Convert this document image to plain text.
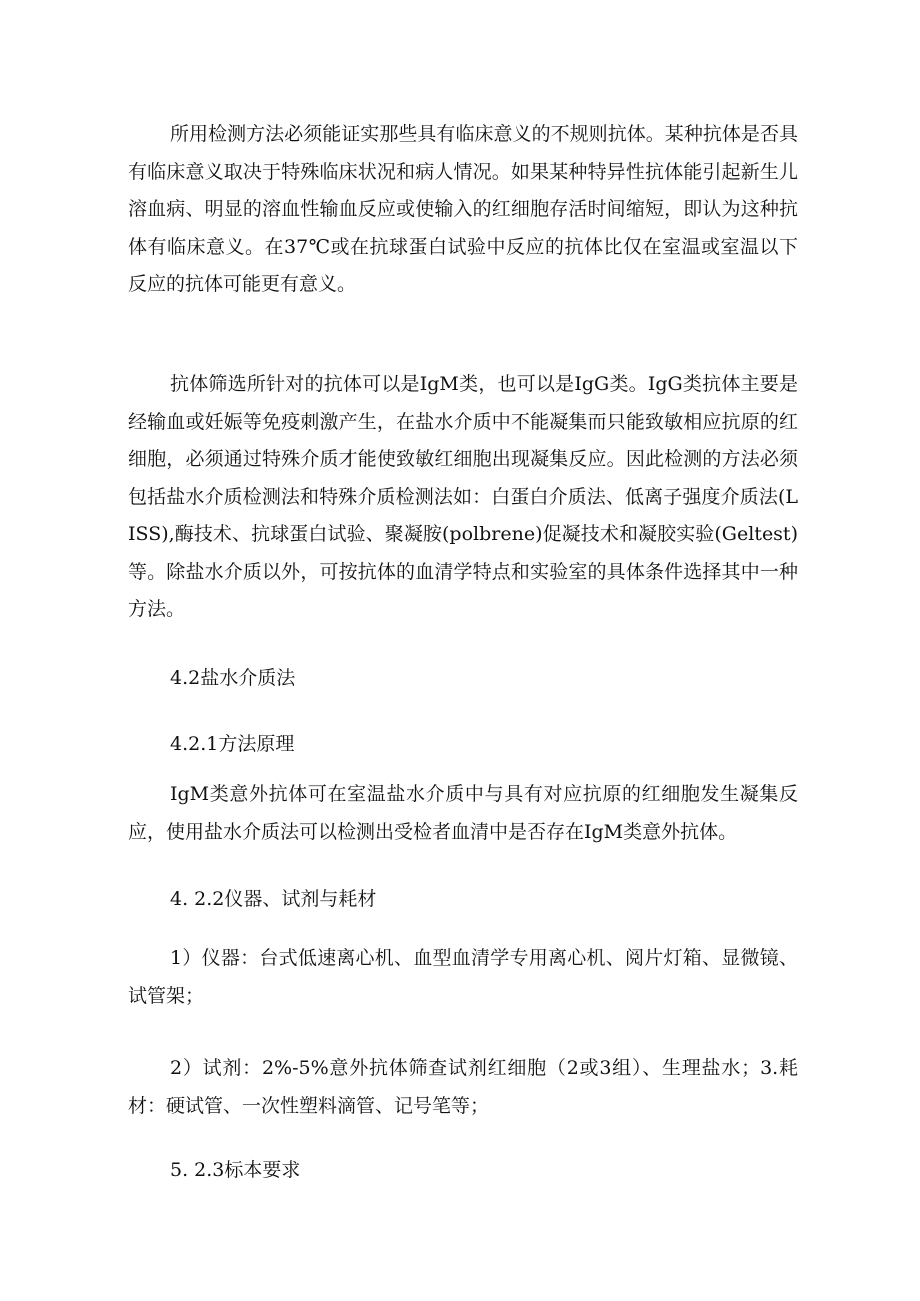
所用检测方法必须能证实那些具有临床意义的不规则抗体。某种抗体是否具有临床意义取决于特殊临床状况和病人情况。如果某种特异性抗体能引起新生儿溶血病、明显的溶血性输血反应或使输入的红细胞存活时间缩短，即认为这种抗体有临床意义。在37℃或在抗球蛋白试验中反应的抗体比仅在室温或室温以下反应的抗体可能更有意义。

抗体筛选所针对的抗体可以是IgM类，也可以是IgG类。IgG类抗体主要是经输血或妊娠等免疫刺激产生，在盐水介质中不能凝集而只能致敏相应抗原的红细胞，必须通过特殊介质才能使致敏红细胞出现凝集反应。因此检测的方法必须包括盐水介质检测法和特殊介质检测法如：白蛋白介质法、低离子强度介质法(LISS),酶技术、抗球蛋白试验、聚凝胺(polbrene)促凝技术和凝胶实验(Geltest)等。除盐水介质以外，可按抗体的血清学特点和实验室的具体条件选择其中一种方法。

4.2盐水介质法

4.2.1方法原理

IgM类意外抗体可在室温盐水介质中与具有对应抗原的红细胞发生凝集反应，使用盐水介质法可以检测出受检者血清中是否存在IgM类意外抗体。

4. 2.2仪器、试剂与耗材

1）仪器：台式低速离心机、血型血清学专用离心机、阅片灯箱、显微镜、试管架；

2）试剂：2%-5%意外抗体筛查试剂红细胞（2或3组）、生理盐水；3.耗材：硬试管、一次性塑料滴管、记号笔等；

5. 2.3标本要求
